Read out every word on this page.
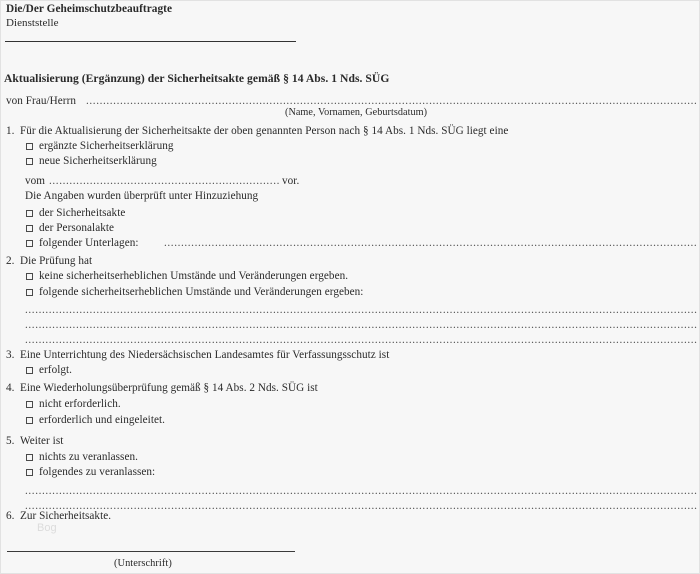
Die/Der Geheimschutzbeauftragte
Dienststelle
Aktualisierung (Ergänzung) der Sicherheitsakte gemäß § 14 Abs. 1 Nds. SÜG
von Frau/Herrn
.....
(Name, Vornamen, Geburtsdatum)
1. Für die Aktualisierung der Sicherheitsakte der oben genannten Person nach § 14 Abs. 1 Nds. SÜG liegt eine
ergänzte Sicherheitserklärung
neue Sicherheitserklärung
vom .....	vor.
Die Angaben wurden überprüft unter Hinzuziehung
der Sicherheitsakte
der Personalakte
folgender Unterlagen:
.....
2. Die Prüfung hat
keine sicherheitserheblichen Umstände und Veränderungen ergeben.
folgende sicherheitserheblichen Umstände und Veränderungen ergeben:
.....
.....
.....
3. Eine Unterrichtung des Niedersächsischen Landesamtes für Verfassungsschutz ist
erfolgt.
4. Eine Wiederholungsüberprüfung gemäß § 14 Abs. 2 Nds. SÜG ist
nicht erforderlich.
erforderlich und eingeleitet.
5. Weiter ist
nichts zu veranlassen.
folgendes zu veranlassen:
.....
.....
6. Zur Sicherheitsakte.
Bog
(Unterschrift)
